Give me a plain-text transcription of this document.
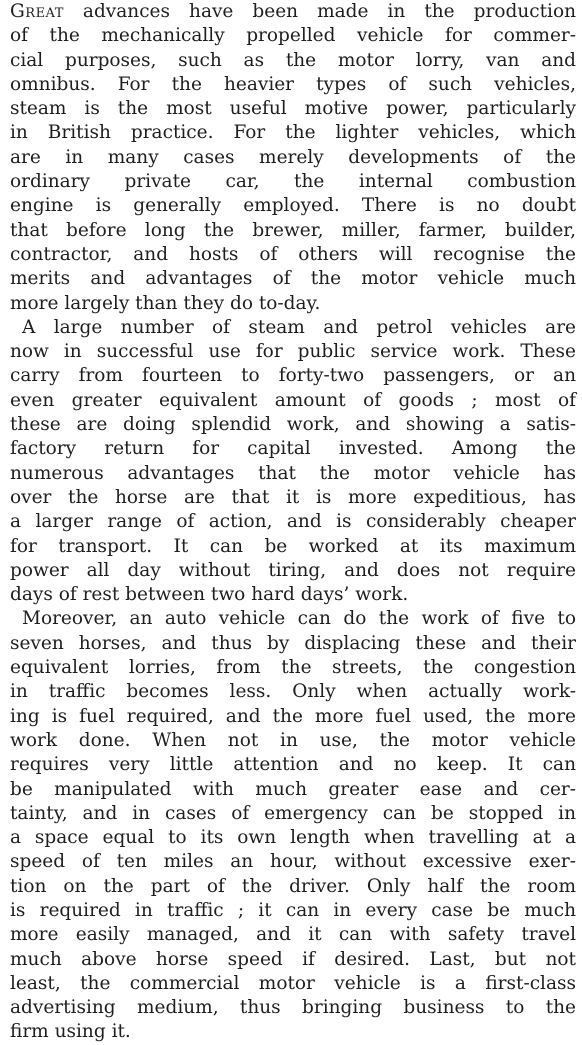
Great advances have been made in the production
of the mechanically propelled vehicle for commer-
cial purposes, such as the motor lorry, van and
omnibus. For the heavier types of such vehicles,
steam is the most useful motive power, particularly
in British practice. For the lighter vehicles, which
are in many cases merely developments of the
ordinary private car, the internal combustion
engine is generally employed. There is no doubt
that before long the brewer, miller, farmer, builder,
contractor, and hosts of others will recognise the
merits and advantages of the motor vehicle much
more largely than they do to-day.

A large number of steam and petrol vehicles are
now in successful use for public service work. These
carry from fourteen to forty-two passengers, or an
even greater equivalent amount of goods ; most of
these are doing splendid work, and showing a satis-
factory return for capital invested. Among the
numerous advantages that the motor vehicle has
over the horse are that it is more expeditious, has
a larger range of action, and is considerably cheaper
for transport. It can be worked at its maximum
power all day without tiring, and does not require
days of rest between two hard days’ work.

Moreover, an auto vehicle can do the work of five to
seven horses, and thus by displacing these and their
equivalent lorries, from the streets, the congestion
in traffic becomes less. Only when actually work-
ing is fuel required, and the more fuel used, the more
work done. When not in use, the motor vehicle
requires very little attention and no keep. It can
be manipulated with much greater ease and cer-
tainty, and in cases of emergency can be stopped in
a space equal to its own length when travelling at a
speed of ten miles an hour, without excessive exer-
tion on the part of the driver. Only half the room
is required in traffic ; it can in every case be much
more easily managed, and it can with safety travel
much above horse speed if desired. Last, but not
least, the commercial motor vehicle is a first-class
advertising medium, thus bringing business to the
firm using it.
